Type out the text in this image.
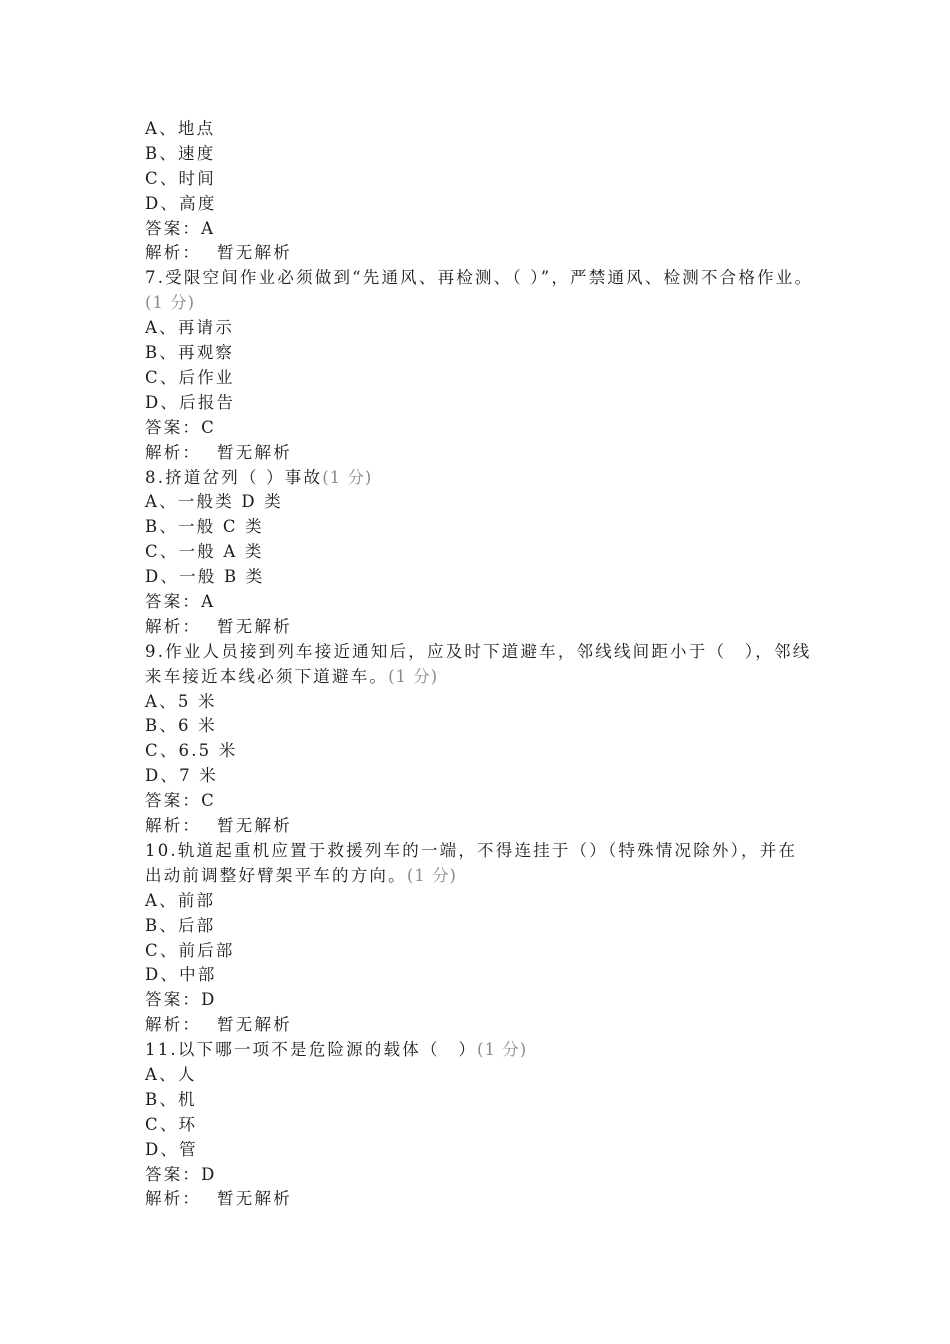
A、地点
B、速度
C、时间
D、高度
答案：A
解析： 暂无解析
7.受限空间作业必须做到“先通风、再检测、（ ）”，严禁通风、检测不合格作业。(1 分)
A、再请示
B、再观察
C、后作业
D、后报告
答案：C
解析： 暂无解析
8.挤道岔列（ ）事故(1 分)
A、一般类 D 类
B、一般 C 类
C、一般 A 类
D、一般 B 类
答案：A
解析： 暂无解析
9.作业人员接到列车接近通知后，应及时下道避车，邻线线间距小于（　），邻线来车接近本线必须下道避车。(1 分)
A、5 米
B、6 米
C、6.5 米
D、7 米
答案：C
解析： 暂无解析
10.轨道起重机应置于救援列车的一端，不得连挂于（）（特殊情况除外），并在出动前调整好臂架平车的方向。(1 分)
A、前部
B、后部
C、前后部
D、中部
答案：D
解析： 暂无解析
11.以下哪一项不是危险源的载体（　）(1 分)
A、人
B、机
C、环
D、管
答案：D
解析： 暂无解析
